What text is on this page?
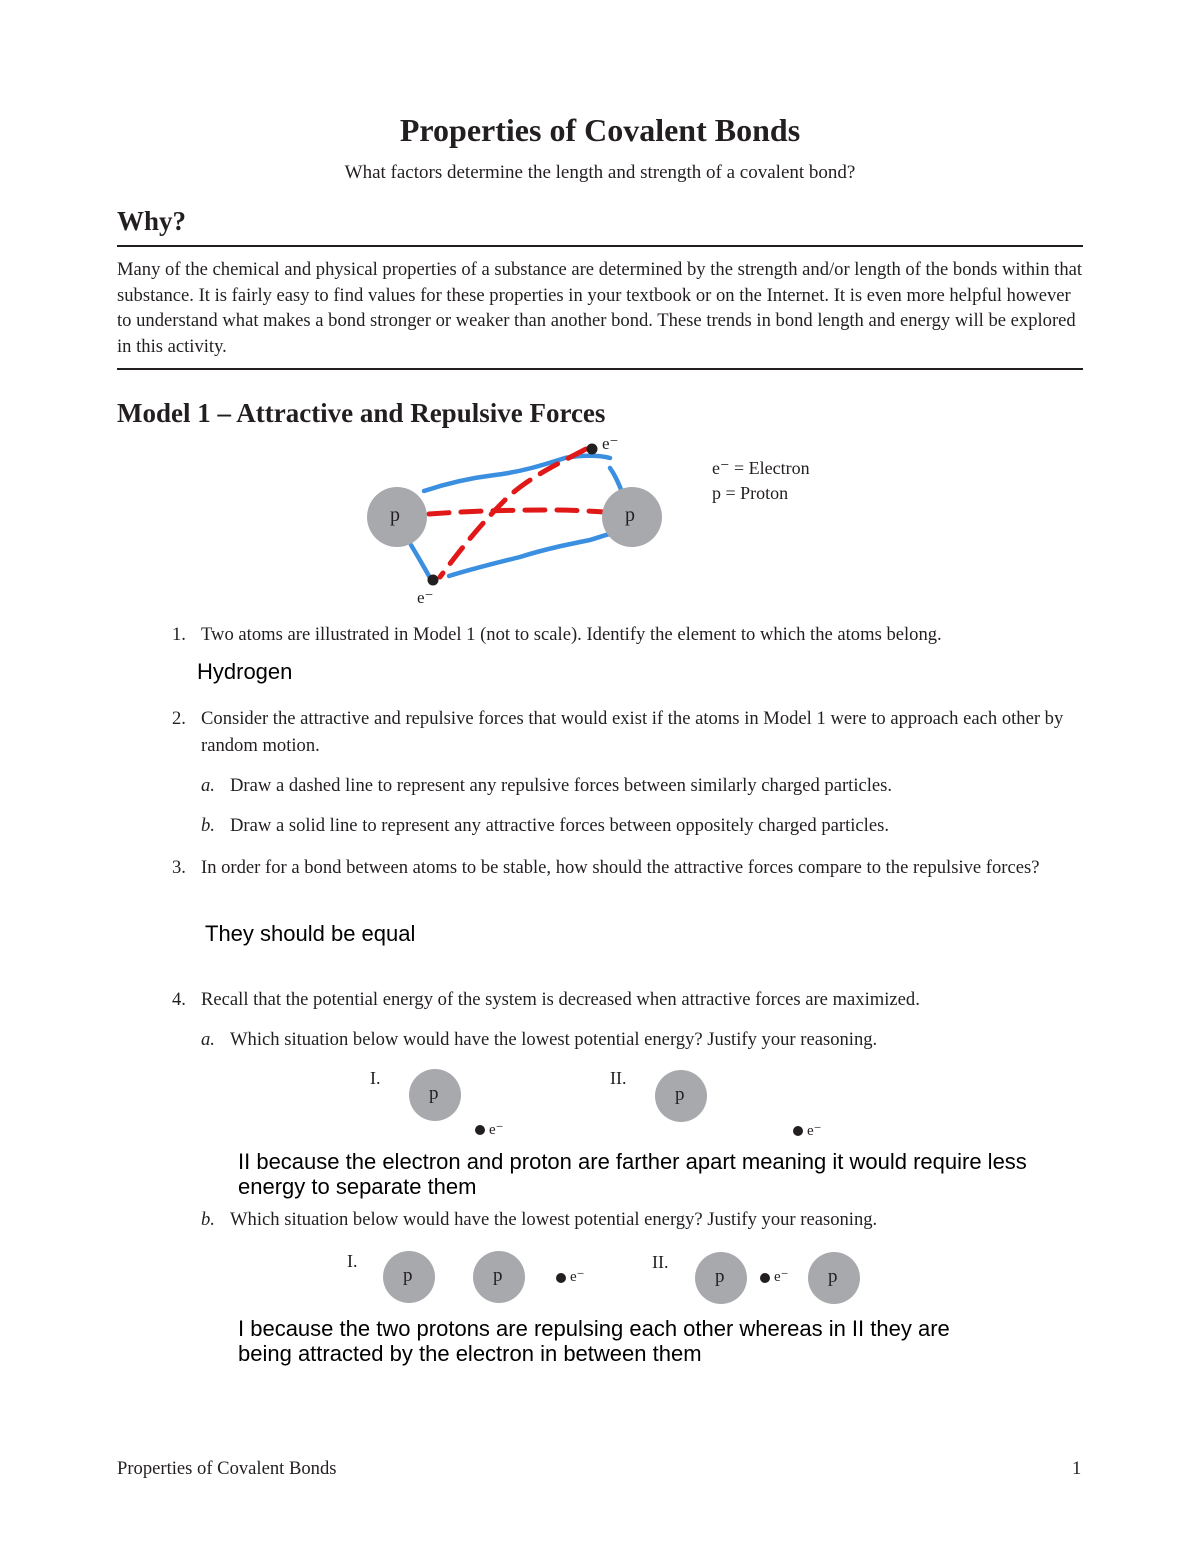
Properties of Covalent Bonds
What factors determine the length and strength of a covalent bond?
Why?
Many of the chemical and physical properties of a substance are determined by the strength and/or length of the bonds within that substance. It is fairly easy to find values for these properties in your textbook or on the Internet. It is even more helpful however to understand what makes a bond stronger or weaker than another bond. These trends in bond length and energy will be explored in this activity.
Model 1 – Attractive and Repulsive Forces
p	p
e⁻
e⁻
e⁻ = Electron
p = Proton
1. Two atoms are illustrated in Model 1 (not to scale). Identify the element to which the atoms belong.
Hydrogen
2. Consider the attractive and repulsive forces that would exist if the atoms in Model 1 were to approach each other by random motion.
a. Draw a dashed line to represent any repulsive forces between similarly charged particles.
b. Draw a solid line to represent any attractive forces between oppositely charged particles.
3. In order for a bond between atoms to be stable, how should the attractive forces compare to the repulsive forces?
They should be equal
4. Recall that the potential energy of the system is decreased when attractive forces are maximized.
a. Which situation below would have the lowest potential energy? Justify your reasoning.
I.
p
e⁻
II.
p
e⁻
II because the electron and proton are farther apart meaning it would require less energy to separate them
b. Which situation below would have the lowest potential energy? Justify your reasoning.
I.
p	p	e⁻
II.
p	e⁻ p
I because the two protons are repulsing each other whereas in II they are being attracted by the electron in between them
Properties of Covalent Bonds	1
